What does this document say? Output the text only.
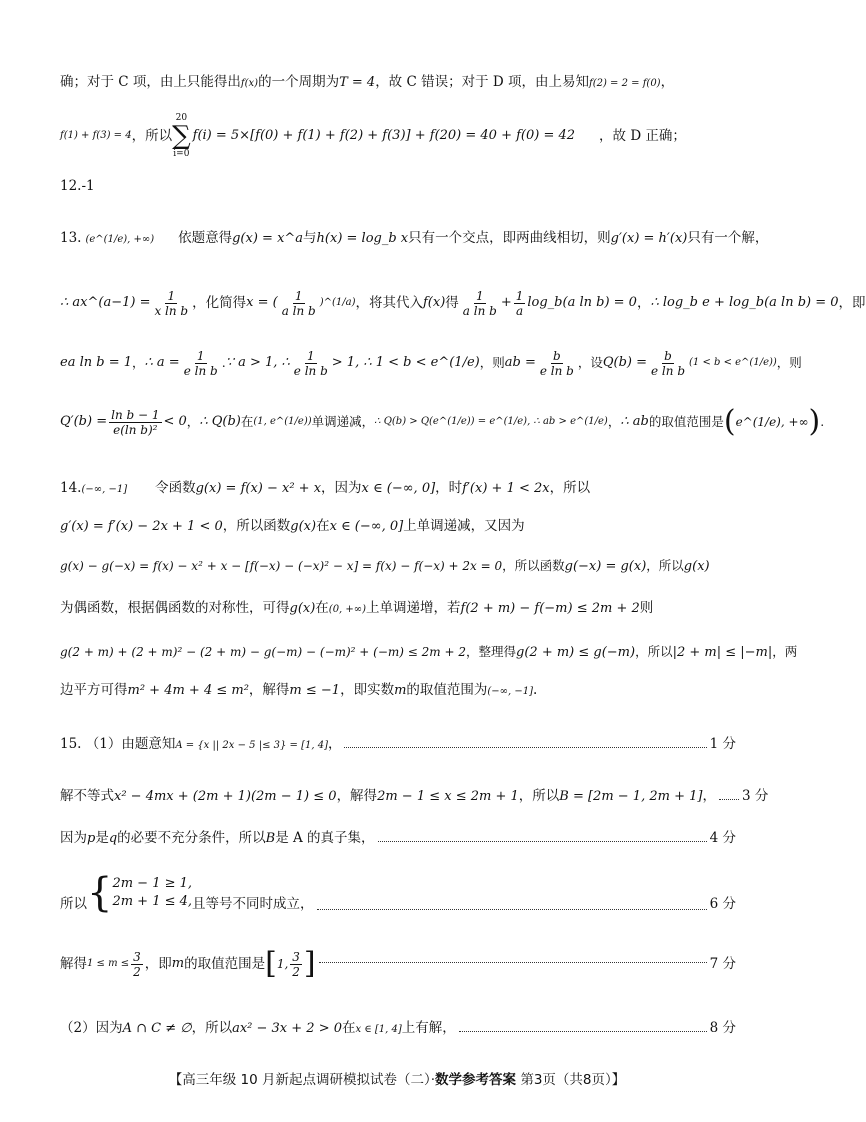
确；对于 C 项，由上只能得出 f(x) 的一个周期为 T = 4 ，故 C 错误；对于 D 项，由上易知 f(2) = 2 = f(0) ，
f(1) + f(3) = 4 ，所以
20
∑
i=0
f(i) = 5×[f(0) + f(1) + f(2) + f(3)] + f(20) = 40 + f(0) = 42 ，故 D 正确；
12.-1
13. (e^(1/e), +∞) 依题意得 g(x) = x^a 与 h(x) = log_b x 只有一个交点，即两曲线相切，则 g′(x) = h′(x) 只有一个解，
∴ ax^(a−1) = $\frac{1}{\text{x ln b}}$ ，化简得 x = ( $\frac{1}{\text{a ln b}}$ )^(1/a) ，将其代入 f(x) 得 $\frac{1}{\text{a ln b}} + \frac{1}{a}$ log_b(a ln b) = 0 ， ∴ log_b e + log_b(a ln b) = 0 ，即
ea ln b = 1 ， ∴ $a = \frac{1}{\text{e ln b}}$ . ∵ a > 1, ∴ $\frac{1}{\text{e ln b}} > 1$, ∴ 1 < b < e^(1/e) ，则 ab = $\frac{b}{\text{e ln b}}$ ，设 $Q(b) = \frac{b}{\text{e ln b}} (1 < b$ < e^(1/e)) ，则
$Q'(b) = \frac{\text{ln b − 1}}{\text{e(ln b)²}} < 0$ ， ∴ Q(b) 在 (1, e^(1/e)) 单调递减， ∴ Q(b) > Q(e^(1/e)) = e^(1/e), ∴ ab > e^(1/e) ， ∴ ab 的取值范围是 ( e^(1/e), +∞ ) .
14. (−∞, −1] 令函数 g(x) = f(x) − x² + x ，因为 x ∈ (−∞, 0] ，时 f′(x) + 1 < 2x ，所以
g′(x) = f′(x) − 2x + 1 < 0 ，所以函数 g(x) 在 x ∈ (−∞, 0] 上单调递减，又因为
g(x) − g(−x) = f(x) − x² + x − [f(−x) − (−x)² − x] = f(x) − f(−x) + 2x = 0 ，所以函数 g(−x) = g(x) ，所以 g(x)
为偶函数，根据偶函数的对称性，可得 g(x) 在 (0, +∞) 上单调递增，若 f(2 + m) − f(−m) ≤ 2m + 2 则
g(2 + m) + (2 + m)² − (2 + m) − g(−m) − (−m)² + (−m) ≤ 2m + 2 ，整理得 g(2 + m) ≤ g(−m) ，所以 |2 + m| ≤ |−m| ，两
边平方可得 m² + 4m + 4 ≤ m² ，解得 m ≤ −1 ，即实数 m 的取值范围为 (−∞, −1] .
15. （1）由题意知 A = {x || 2x − 5 |≤ 3} = [1, 4] ，	1 分
解不等式 x² − 4mx + (2m + 1)(2m − 1) ≤ 0 ，解得 2m − 1 ≤ x ≤ 2m + 1 ，所以 B = [2m − 1, 2m + 1] ， 3 分
因为 p 是 q 的必要不充分条件，所以 B 是 A 的真子集，	4 分
所以 { 2m − 1 ≥ 1,
2m + 1 ≤ 4, 且等号不同时成立，	6 分
解得 $1 \le m \le \frac{3}{2}$ ，即 m 的取值范围是 [ 1, $\frac{3}{2}$ ]	7 分
（2）因为 A ∩ C ≠ ∅ ，所以 ax² − 3x + 2 > 0 在 x ∈ [1, 4] 上有解，	8 分
【高三年级 10 月新起点调研模拟试卷（二）·数学参考答案 第3页（共8页）】
